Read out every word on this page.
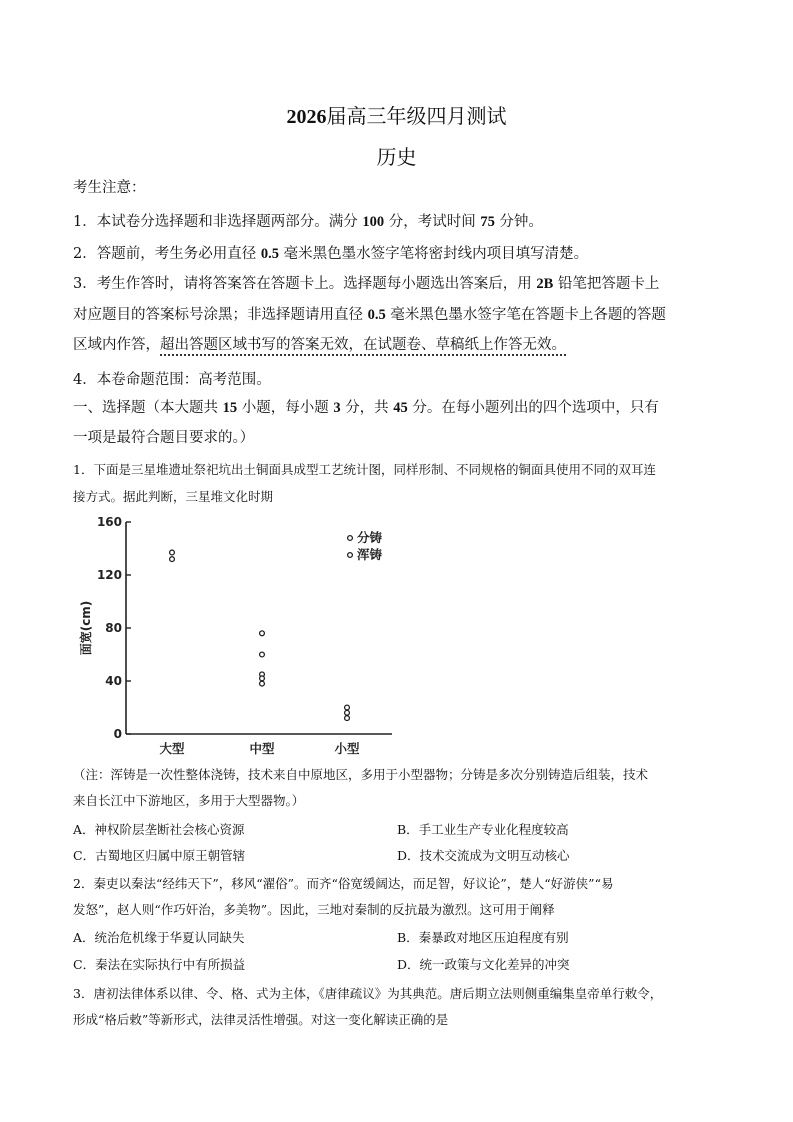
2026届高三年级四月测试
历史
考生注意：
1．本试卷分选择题和非选择题两部分。满分 100 分，考试时间 75 分钟。
2．答题前，考生务必用直径 0.5 毫米黑色墨水签字笔将密封线内项目填写清楚。
3．考生作答时，请将答案答在答题卡上。选择题每小题选出答案后，用 2B 铅笔把答题卡上
对应题目的答案标号涂黑；非选择题请用直径 0.5 毫米黑色墨水签字笔在答题卡上各题的答题
区域内作答，超出答题区域书写的答案无效，在试题卷、草稿纸上作答无效。
4．本卷命题范围：高考范围。
一、选择题（本大题共 15 小题，每小题 3 分，共 45 分。在每小题列出的四个选项中，只有
一项是最符合题目要求的。）
1．下面是三星堆遗址祭祀坑出土铜面具成型工艺统计图，同样形制、不同规格的铜面具使用不同的双耳连
接方式。据此判断，三星堆文化时期
0
40
80
120
160
大型	中型	小型
面宽(cm)
分铸
浑铸
（注：浑铸是一次性整体浇铸，技术来自中原地区，多用于小型器物；分铸是多次分别铸造后组装，技术
来自长江中下游地区，多用于大型器物。）
A．神权阶层垄断社会核心资源	B．手工业生产专业化程度较高
C．古蜀地区归属中原王朝管辖	D．技术交流成为文明互动核心
2．秦吏以秦法“经纬天下”，移风“濯俗”。而齐“俗宽缓阔达，而足智，好议论”，楚人“好游侠”“易
发怒”，赵人则“作巧奸治，多美物”。因此，三地对秦制的反抗最为激烈。这可用于阐释
A．统治危机缘于华夏认同缺失	B．秦暴政对地区压迫程度有别
C．秦法在实际执行中有所损益	D．统一政策与文化差异的冲突
3．唐初法律体系以律、令、格、式为主体，《唐律疏议》为其典范。唐后期立法则侧重编集皇帝单行敕令，
形成“格后敕”等新形式，法律灵活性增强。对这一变化解读正确的是
